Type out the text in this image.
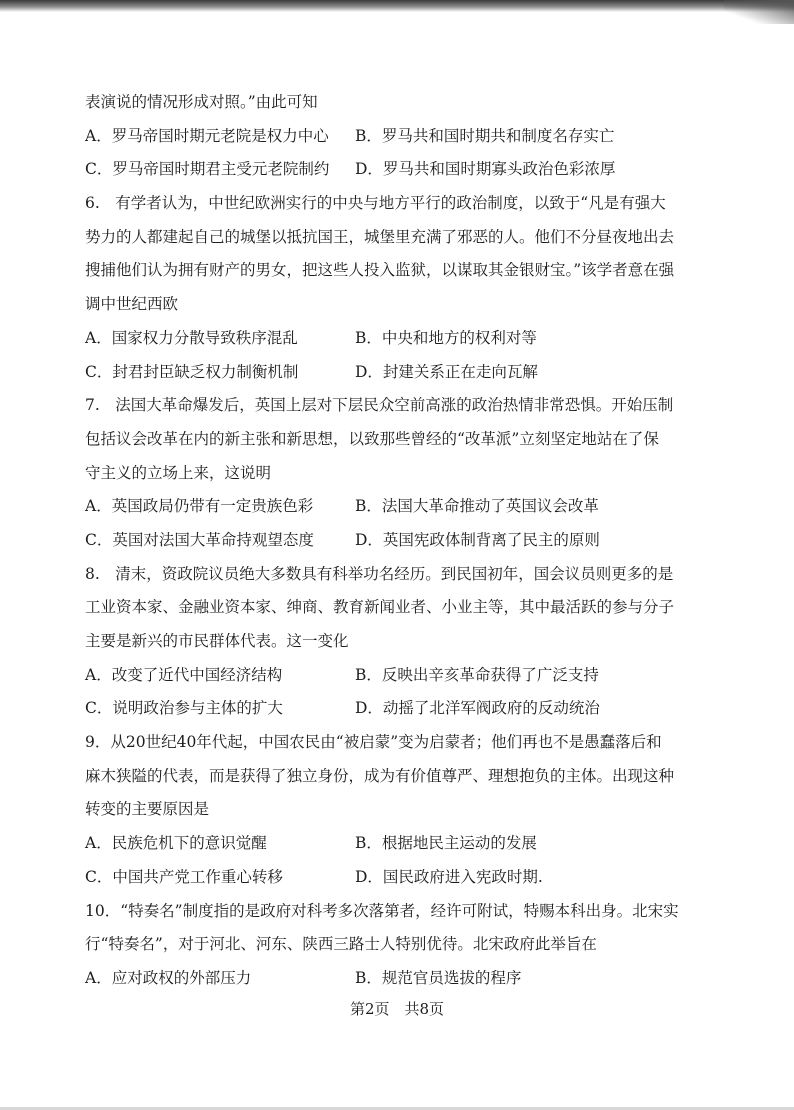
表演说的情况形成对照。”由此可知
A．罗马帝国时期元老院是权力中心	B．罗马共和国时期共和制度名存实亡
C．罗马帝国时期君主受元老院制约	D．罗马共和国时期寡头政治色彩浓厚
6.　有学者认为，中世纪欧洲实行的中央与地方平行的政治制度，以致于“凡是有强大
势力的人都建起自己的城堡以抵抗国王，城堡里充满了邪恶的人。他们不分昼夜地出去
搜捕他们认为拥有财产的男女，把这些人投入监狱，以谋取其金银财宝。”该学者意在强
调中世纪西欧
A．国家权力分散导致秩序混乱	B．中央和地方的权利对等
C．封君封臣缺乏权力制衡机制	D．封建关系正在走向瓦解
7.　法国大革命爆发后，英国上层对下层民众空前高涨的政治热情非常恐惧。开始压制
包括议会改革在内的新主张和新思想，以致那些曾经的“改革派”立刻坚定地站在了保
守主义的立场上来，这说明
A．英国政局仍带有一定贵族色彩	B．法国大革命推动了英国议会改革
C．英国对法国大革命持观望态度	D．英国宪政体制背离了民主的原则
8.　清末，资政院议员绝大多数具有科举功名经历。到民国初年，国会议员则更多的是
工业资本家、金融业资本家、绅商、教育新闻业者、小业主等，其中最活跃的参与分子
主要是新兴的市民群体代表。这一变化
A．改变了近代中国经济结构	B．反映出辛亥革命获得了广泛支持
C．说明政治参与主体的扩大	D．动摇了北洋军阀政府的反动统治
9．从20世纪40年代起，中国农民由“被启蒙”变为启蒙者；他们再也不是愚蠢落后和
麻木狭隘的代表，而是获得了独立身份，成为有价值尊严、理想抱负的主体。出现这种
转变的主要原因是
A．民族危机下的意识觉醒	B．根据地民主运动的发展
C．中国共产党工作重心转移	D．国民政府进入宪政时期.
10．“特奏名”制度指的是政府对科考多次落第者，经许可附试，特赐本科出身。北宋实
行“特奏名”，对于河北、河东、陕西三路士人特别优待。北宋政府此举旨在
A．应对政权的外部压力	B．规范官员选拔的程序
第2页　共8页
